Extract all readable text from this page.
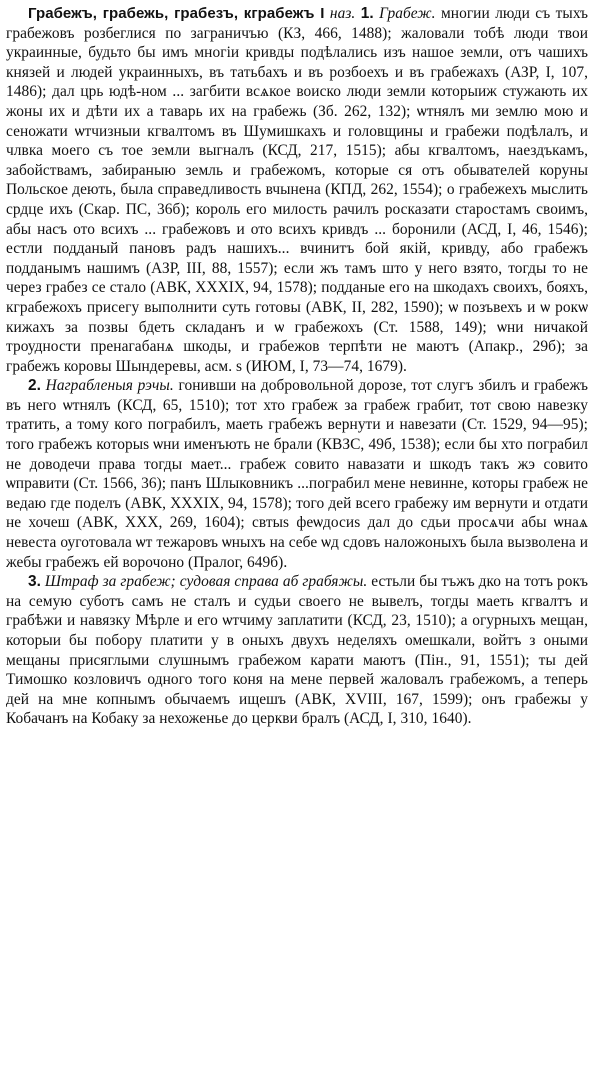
Грабежъ, грабежь, грабезъ, кграбежъ I наз. 1. Грабеж. многии люди съ тыхъ грабежовъ розбеглися по заграничъю (КЗ, 466, 1488); жаловали тобѣ люди твои украинные, будьто бы имъ многіи кривды подѣлались изъ нашое земли, отъ чашихъ князей и людей украинныхъ, въ татьбахъ и въ розбоехъ и въ грабежахъ (АЗР, І, 107, 1486); дал црь юдѣ-ном ... загбити всѧкое воиско люди земли которыиж стужають их жоны их и дѣти их а таварь их на грабежь (Зб. 262, 132); ѡтнялъ ми землю мою и сеножати ѡтчизныи кгвалтомъ въ Шумишкахъ и головщины и грабежи подѣлалъ, и члвка моего съ тое земли выгналъ (КСД, 217, 1515); абы кгвалтомъ, наездъкамъ, забойствамъ, забираныю земль и грабежомъ, которые ся отъ обывателей коруны Польское деють, была справедливость вчынена (КПД, 262, 1554); о грабежехъ мыслить срдце ихъ (Скар. ПС, 36б); король его милость рачилъ росказати старостамъ своимъ, абы насъ ото всихъ ... грабежовъ и ото всихъ кривдъ ... боронили (АСД, І, 46, 1546); естли подданый пановъ радъ нашихъ... вчинитъ бой якій, кривду, або грабежъ подданымъ нашимъ (АЗР, ІІІ, 88, 1557); если жъ тамъ што у него взято, тогды то не через грабез се стало (АВК, XXXIX, 94, 1578); подданые его на шкодахъ своихъ, бояхъ, кграбежохъ присегу выполнити суть готовы (АВК, ІІ, 282, 1590); ѡ позъвехъ и ѡ рокѡ кижахъ за позвы бдеть складанъ и ѡ грабежохъ (Ст. 1588, 149); ѡни ничакой троудности пренагабанѧ шкоды, и грабежов терпѣти не маютъ (Апакр., 29б); за грабежъ коровы Шындеревы, асм. s (ИЮМ, І, 73—74, 1679).

2. Награбленыя рэчы. гонивши на добровольной дорозе, тот слугъ збилъ и грабежъ въ него ѡтнялъ (КСД, 65, 1510); тот хто грабеж за грабеж грабит, тот свою навезку тратить, а тому кого пограбилъ, маеть грабежъ вернути и навезати (Ст. 1529, 94—95); того грабежъ которыs ѡни именъють не брали (КВЗС, 49б, 1538); если бы хто пограбил не доводечи права тогды мает... грабеж совито навазати и шкодъ такъ жэ совито ѡправити (Ст. 1566, 36); панъ Шлыковникъ ...пограбил мене невинне, которы грабеж не ведаю где поделъ (АВК, XXXIX, 94, 1578); того дей всего грабежу им вернути и отдати не хочеш (АВК, XXX, 269, 1604); свтыs феѡдосиs дал до сдьи просѧчи абы ѡнаѧ невеста оуготовала ѡт тежаровъ ѡныхъ на себе ѡд сдовъ наложоныхъ была вызволена и жебы грабежъ ей ворочоно (Пралог, 649б).

3. Штраф за грабеж; судовая справа аб грабяжы. естьли бы тъжъ дко на тотъ рокъ на семую суботъ самъ не сталъ и судьи своего не вывелъ, тогды маеть кгвалтъ и грабѣжи и навязку Мѣрле и его ѡтчиму заплатити (КСД, 23, 1510); а огурныхъ мещан, которыи бы побору платити у в оныхъ двухъ неделяхъ омешкали, войтъ з оными мещаны присяглыми слушнымъ грабежом карати маютъ (Пін., 91, 1551); ты дей Тимошко козловичъ одного того коня на мене первей жаловалъ грабежомъ, а теперь дей на мне копнымъ обычаемъ ищешъ (АВК, XVIII, 167, 1599); онъ грабежы у Кобачанъ на Кобаку за нехоженье до церкви бралъ (АСД, І, 310, 1640).
